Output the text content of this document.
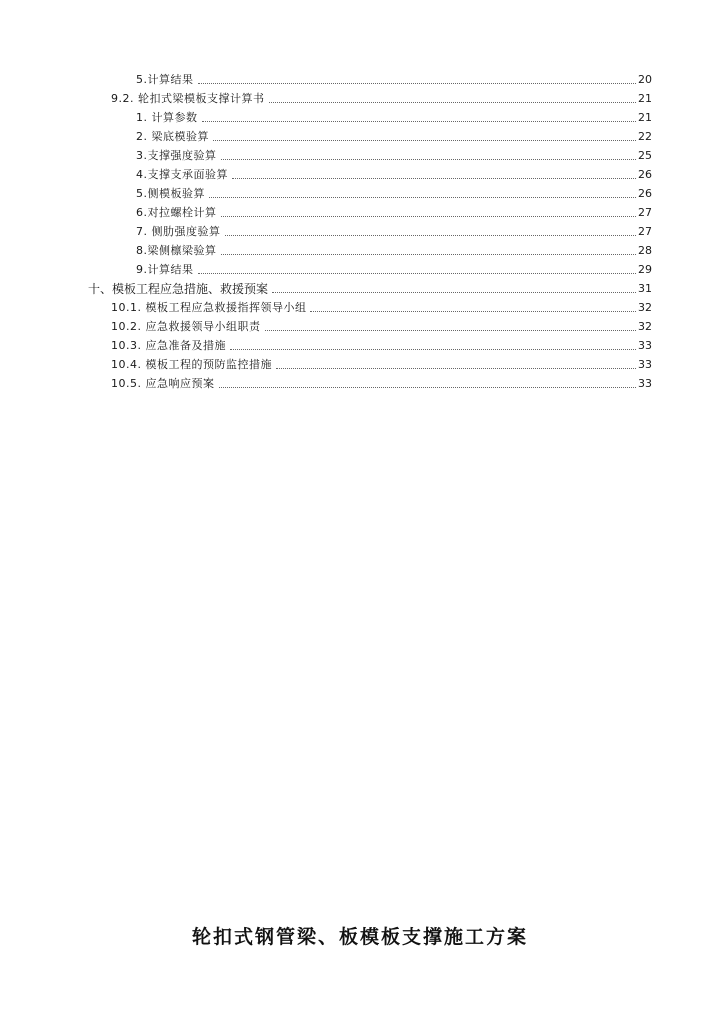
5.计算结果	20
9.2. 轮扣式梁模板支撑计算书	21
1. 计算参数	21
2. 梁底模验算	22
3.支撑强度验算	25
4.支撑支承面验算	26
5.侧模板验算	26
6.对拉螺栓计算	27
7. 侧肋强度验算	27
8.梁侧檩梁验算	28
9.计算结果	29
十、模板工程应急措施、救援预案	31
10.1. 模板工程应急救援指挥领导小组	32
10.2. 应急救援领导小组职责	32
10.3. 应急准备及措施	33
10.4. 模板工程的预防监控措施	33
10.5. 应急响应预案	33
轮扣式钢管梁、板模板支撑施工方案
